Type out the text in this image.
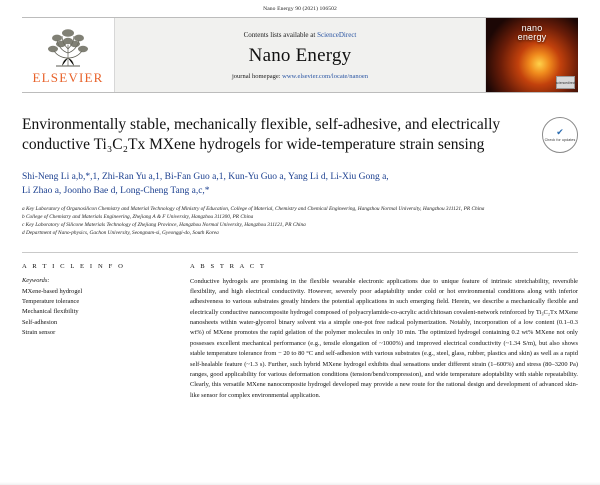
Nano Energy 90 (2021) 106502
ELSEVIER
Contents lists available at ScienceDirect
Nano Energy
journal homepage: www.elsevier.com/locate/nanoen
nano
energy
sciencedirect
Environmentally stable, mechanically flexible, self-adhesive, and electrically conductive Ti₃C₂Tx MXene hydrogels for wide-temperature strain sensing
✔
Check for updates
Shi-Neng Li a,b,*,1, Zhi-Ran Yu a,1, Bi-Fan Guo a,1, Kun-Yu Guo a, Yang Li d, Li-Xiu Gong a,
Li Zhao a, Joonho Bae d, Long-Cheng Tang a,c,*
a Key Laboratory of Organosilicon Chemistry and Material Technology of Ministry of Education, College of Material, Chemistry and Chemical Engineering, Hangzhou Normal University, Hangzhou 311121, PR China
b College of Chemistry and Materials Engineering, Zhejiang A & F University, Hangzhou 311300, PR China
c Key Laboratory of Silicone Materials Technology of Zhejiang Province, Hangzhou Normal University, Hangzhou 311121, PR China
d Department of Nano-physics, Gachon University, Seongnam-si, Gyeonggi-do, South Korea
A R T I C L E I N F O
Keywords:
MXene-based hydrogel
Temperature tolerance
Mechanical flexibility
Self-adhesion
Strain sensor
A B S T R A C T
Conductive hydrogels are promising in the flexible wearable electronic applications due to unique feature of intrinsic stretchability, reversible flexibility, and high electrical conductivity. However, severely poor adaptability under cold or hot environmental conditions along with inferior adhesiveness to various substrates greatly hinders the potential applications in such emerging field. Herein, we describe a mechanically flexible and electrically conductive nanocomposite hydrogel composed of polyacrylamide-co-acrylic acid/chitosan covalent-network reinforced by Ti₃C₂Tx MXene nanosheets within water-glycerol binary solvent via a simple one-pot free radical polymerization. Notably, incorporation of a low content (0.1–0.3 wt%) of MXene promotes the rapid gelation of the polymer molecules in only 10 min. The optimized hydrogel containing 0.2 wt% MXene not only possesses excellent mechanical performance (e.g., tensile elongation of ~1000%) and improved electrical conductivity (~1.34 S/m), but also shows stable temperature tolerance from − 20 to 80 °C and self-adhesion with various substrates (e.g., steel, glass, rubber, plastics and skin) as well as a rapid self-healable feature (~1.3 s). Further, such hybrid MXene hydrogel exhibits dual sensations under different strain (1–600%) and stress (80–3200 Pa) ranges, good applicability for various deformation conditions (tension/bend/compression), and wide temperature adoptability with stable repeatability. Clearly, this versatile MXene nanocomposite hydrogel developed may provide a new route for the rational design and development of advanced skin-like sensor for complex environmental application.
